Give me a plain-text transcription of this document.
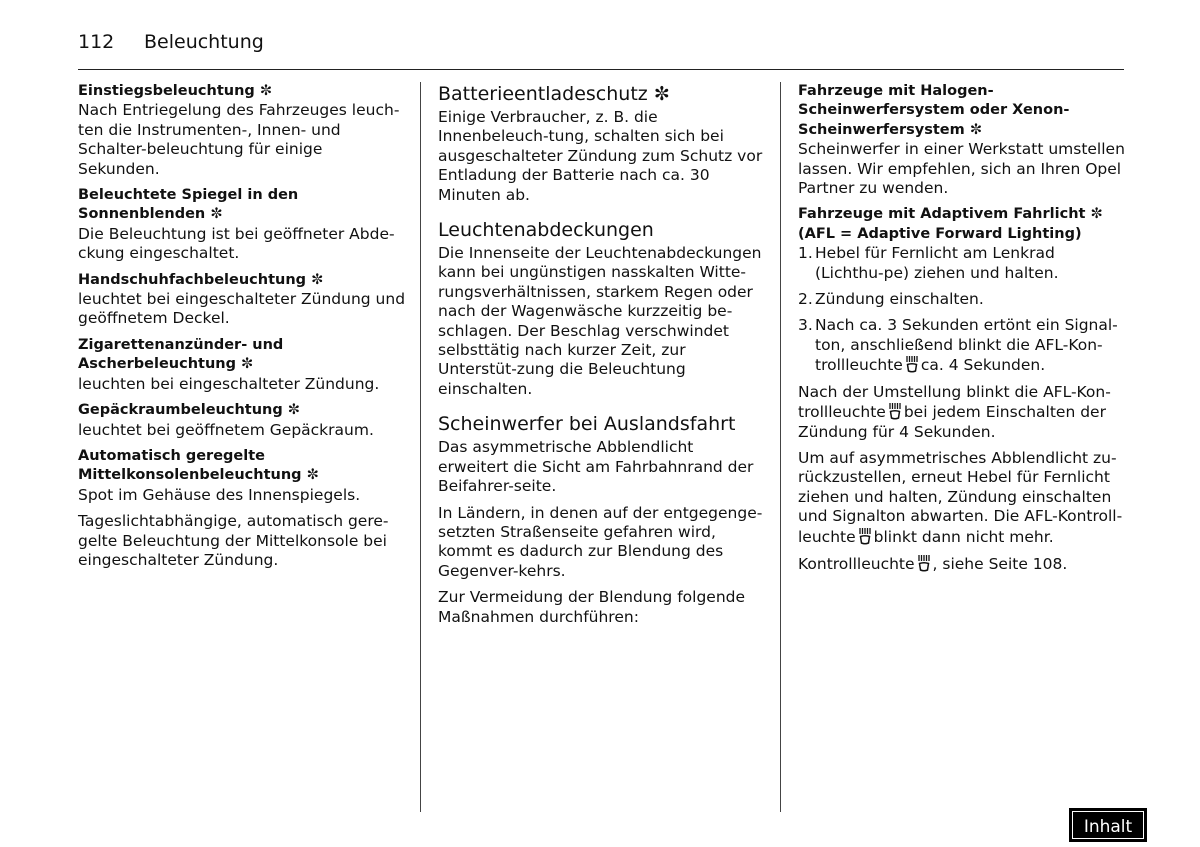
112 Beleuchtung

Einstiegsbeleuchtung ✼

Nach Entriegelung des Fahrzeuges leuch-ten die Instrumenten-, Innen- und Schalter-beleuchtung für einige Sekunden.

Beleuchtete Spiegel in den Sonnenblenden ✼

Die Beleuchtung ist bei geöffneter Abde-ckung eingeschaltet.

Handschuhfachbeleuchtung ✼

leuchtet bei eingeschalteter Zündung und geöffnetem Deckel.

Zigarettenanzünder- und Ascherbeleuchtung ✼

leuchten bei eingeschalteter Zündung.

Gepäckraumbeleuchtung ✼

leuchtet bei geöffnetem Gepäckraum.

Automatisch geregelte Mittelkonsolenbeleuchtung ✼

Spot im Gehäuse des Innenspiegels.

Tageslichtabhängige, automatisch gere-gelte Beleuchtung der Mittelkonsole bei eingeschalteter Zündung.

Batterieentladeschutz ✼

Einige Verbraucher, z. B. die Innenbeleuch-tung, schalten sich bei ausgeschalteter Zündung zum Schutz vor Entladung der Batterie nach ca. 30 Minuten ab.

Leuchtenabdeckungen

Die Innenseite der Leuchtenabdeckungen kann bei ungünstigen nasskalten Witte-rungsverhältnissen, starkem Regen oder nach der Wagenwäsche kurzzeitig be-schlagen. Der Beschlag verschwindet selbsttätig nach kurzer Zeit, zur Unterstüt-zung die Beleuchtung einschalten.

Scheinwerfer bei Auslandsfahrt

Das asymmetrische Abblendlicht erweitert die Sicht am Fahrbahnrand der Beifahrer-seite.

In Ländern, in denen auf der entgegenge-setzten Straßenseite gefahren wird, kommt es dadurch zur Blendung des Gegenver-kehrs.

Zur Vermeidung der Blendung folgende Maßnahmen durchführen:

Fahrzeuge mit Halogen-Scheinwerfersystem oder Xenon-Scheinwerfersystem ✼

Scheinwerfer in einer Werkstatt umstellen lassen. Wir empfehlen, sich an Ihren Opel Partner zu wenden.

Fahrzeuge mit Adaptivem Fahrlicht ✼
(AFL = Adaptive Forward Lighting)

1. Hebel für Fernlicht am Lenkrad (Lichthu-pe) ziehen und halten.
2. Zündung einschalten.
3. Nach ca. 3 Sekunden ertönt ein Signal-ton, anschließend blinkt die AFL-Kon-trollleuchte ca. 4 Sekunden.

Nach der Umstellung blinkt die AFL-Kon-trollleuchte bei jedem Einschalten der Zündung für 4 Sekunden.

Um auf asymmetrisches Abblendlicht zu-rückzustellen, erneut Hebel für Fernlicht ziehen und halten, Zündung einschalten und Signalton abwarten. Die AFL-Kontroll-leuchte blinkt dann nicht mehr.

Kontrollleuchte , siehe Seite 108.

Inhalt
